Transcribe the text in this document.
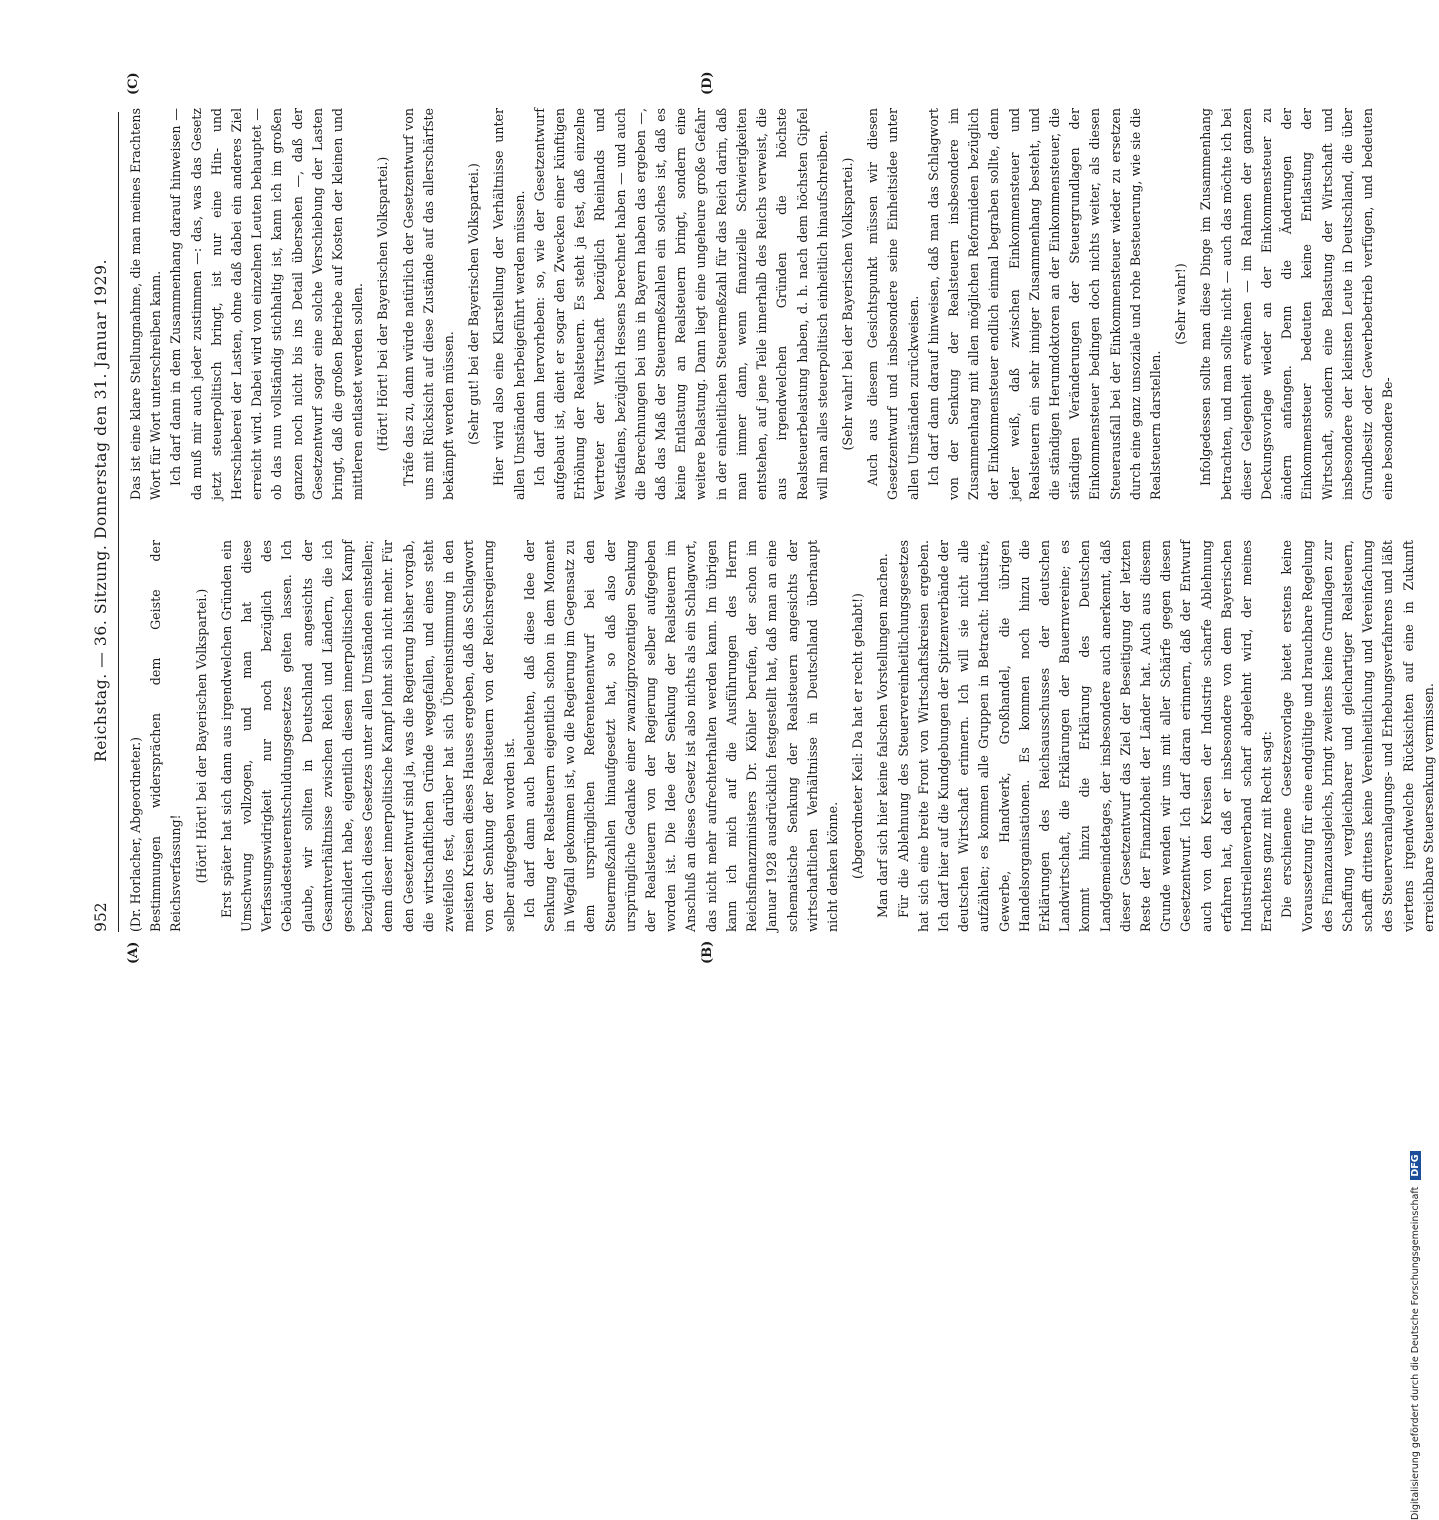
952
Reichstag. — 36. Sitzung. Donnerstag den 31. Januar 1929.
(A)	(B)
(C)	(D)

(Dr. Horlacher, Abgeordneter.) Bestimmungen widersprächen dem Geiste der Reichsverfassung! (Hört! Hört! bei der Bayerischen Volkspartei.) Erst später hat sich dann aus irgendwelchen Gründen ein Umschwung vollzogen, und man hat diese Verfassungswidrigkeit nur noch bezüglich des Gebäudesteuerentschuldungsgesetzes gelten lassen. Ich glaube, wir sollten in Deutschland angesichts der Gesamtverhältnisse zwischen Reich und Ländern, die ich geschildert habe, eigentlich diesen innerpolitischen Kampf bezüglich dieses Gesetzes unter allen Umständen einstellen; denn dieser innerpolitische Kampf lohnt sich nicht mehr. Für den Gesetzentwurf sind ja, was die Regierung bisher vorgab, die wirtschaftlichen Gründe weggefallen, und eines steht zweifellos fest, darüber hat sich Übereinstimmung in den meisten Kreisen dieses Hauses ergeben, daß das Schlagwort von der Senkung der Realsteuern von der Reichsregierung selber aufgegeben worden ist. Ich darf dann auch beleuchten, daß diese Idee der Senkung der Realsteuern eigentlich schon in dem Moment in Wegfall gekommen ist, wo die Regierung im Gegensatz zu dem ursprünglichen Referentenentwurf bei den Steuermeßzahlen hinaufgesetzt hat, so daß also der ursprüngliche Gedanke einer zwanzigprozentigen Senkung der Realsteuern von der Regierung selber aufgegeben worden ist. Die Idee der Senkung der Realsteuern im Anschluß an dieses Gesetz ist also nichts als ein Schlagwort, das nicht mehr aufrechterhalten werden kann. Im übrigen kann ich mich auf die Ausführungen des Herrn Reichsfinanzministers Dr. Köhler berufen, der schon im Januar 1928 ausdrücklich festgestellt hat, daß man an eine schematische Senkung der Realsteuern angesichts der wirtschaftlichen Verhältnisse in Deutschland überhaupt nicht denken könne. (Abgeordneter Keil: Da hat er recht gehabt!) Man darf sich hier keine falschen Vorstellungen machen. Für die Ablehnung des Steuervereinheitlichungsgesetzes hat sich eine breite Front von Wirtschaftskreisen ergeben. Ich darf hier auf die Kundgebungen der Spitzenverbände der deutschen Wirtschaft erinnern. Ich will sie nicht alle aufzählen; es kommen alle Gruppen in Betracht: Industrie, Gewerbe, Handwerk, Großhandel, die übrigen Handelsorganisationen. Es kommen noch hinzu die Erklärungen des Reichsausschusses der deutschen Landwirtschaft, die Erklärungen der Bauernvereine; es kommt hinzu die Erklärung des Deutschen Landgemeindetages, der insbesondere auch anerkennt, daß dieser Gesetzentwurf das Ziel der Beseitigung der letzten Reste der Finanzhoheit der Länder hat. Auch aus diesem Grunde wenden wir uns mit aller Schärfe gegen diesen Gesetzentwurf. Ich darf daran erinnern, daß der Entwurf auch von den Kreisen der Industrie scharfe Ablehnung erfahren hat, daß er insbesondere von dem Bayerischen Industriellenverband scharf abgelehnt wird, der meines Erachtens ganz mit Recht sagt: Die erschienene Gesetzesvorlage bietet erstens keine Voraussetzung für eine endgültige und brauchbare Regelung des Finanzausgleichs, bringt zweitens keine Grundlagen zur Schaffung vergleichbarer und gleichartiger Realsteuern, schafft drittens keine Vereinheitlichung und Vereinfachung des Steuerveranlagungs- und Erhebungsverfahrens und läßt viertens irgendwelche Rücksichten auf eine in Zukunft erreichbare Steuersenkung vermissen.

Das ist eine klare Stellungnahme, die man meines Erachtens Wort für Wort unterschreiben kann. Ich darf dann in dem Zusammenhang darauf hinweisen — da muß mir auch jeder zustimmen —: das, was das Gesetz jetzt steuerpolitisch bringt, ist nur eine Hin- und Herschieberei der Lasten, ohne daß dabei ein anderes Ziel erreicht wird. Dabei wird von einzelnen Leuten behauptet — ob das nun vollständig stichhaltig ist, kann ich im großen ganzen noch nicht bis ins Detail übersehen —, daß der Gesetzentwurf sogar eine solche Verschiebung der Lasten bringt, daß die großen Betriebe auf Kosten der kleinen und mittleren entlastet werden sollen. (Hört! Hört! bei der Bayerischen Volkspartei.) Träfe das zu, dann würde natürlich der Gesetzentwurf von uns mit Rücksicht auf diese Zustände auf das allerschärfste bekämpft werden müssen. (Sehr gut! bei der Bayerischen Volkspartei.) Hier wird also eine Klarstellung der Verhältnisse unter allen Umständen herbeigeführt werden müssen. Ich darf dann hervorheben: so, wie der Gesetzentwurf aufgebaut ist, dient er sogar den Zwecken einer künftigen Erhöhung der Realsteuern. Es steht ja fest, daß einzelne Vertreter der Wirtschaft bezüglich Rheinlands und Westfalens, bezüglich Hessens berechnet haben — und auch die Berechnungen bei uns in Bayern haben das ergeben —, daß das Maß der Steuermeßzahlen ein solches ist, daß es keine Entlastung an Realsteuern bringt, sondern eine weitere Belastung. Dann liegt eine ungeheure große Gefahr in der einheitlichen Steuermeßzahl für das Reich darin, daß man immer dann, wenn finanzielle Schwierigkeiten entstehen, auf jene Teile innerhalb des Reichs verweist, die aus irgendwelchen Gründen die höchste Realsteuerbelastung haben, d. h. nach dem höchsten Gipfel will man alles steuerpolitisch einheitlich hinaufschreiben. (Sehr wahr! bei der Bayerischen Volkspartei.) Auch aus diesem Gesichtspunkt müssen wir diesen Gesetzentwurf und insbesondere seine Einheitsidee unter allen Umständen zurückweisen. Ich darf dann darauf hinweisen, daß man das Schlagwort von der Senkung der Realsteuern insbesondere im Zusammenhang mit allen möglichen Reformideen bezüglich der Einkommensteuer endlich einmal begraben sollte, denn jeder weiß, daß zwischen Einkommensteuer und Realsteuern ein sehr inniger Zusammenhang besteht, und die ständigen Herumdoktoren an der Einkommensteuer, die ständigen Veränderungen der Steuergrundlagen der Einkommensteuer bedingen doch nichts weiter, als diesen Steuerausfall bei der Einkommensteuer wieder zu ersetzen durch eine ganz unsoziale und rohe Besteuerung, wie sie die Realsteuern darstellen.

(Sehr wahr!) Infolgedessen sollte man diese Dinge im Zusammenhang betrachten, und man sollte nicht — auch das möchte ich bei dieser Gelegenheit erwähnen — im Rahmen der ganzen Deckungsvorlage wieder an der Einkommensteuer zu ändern anfangen. Denn die Änderungen der Einkommensteuer bedeuten keine Entlastung der Wirtschaft, sondern eine Belastung der Wirtschaft und insbesondere der kleinsten Leute in Deutschland, die über Grundbesitz oder Gewerbebetrieb verfügen, und bedeuten eine besondere Be-

Digitalisierung gefördert durch die Deutsche Forschungsgemeinschaft DFG
